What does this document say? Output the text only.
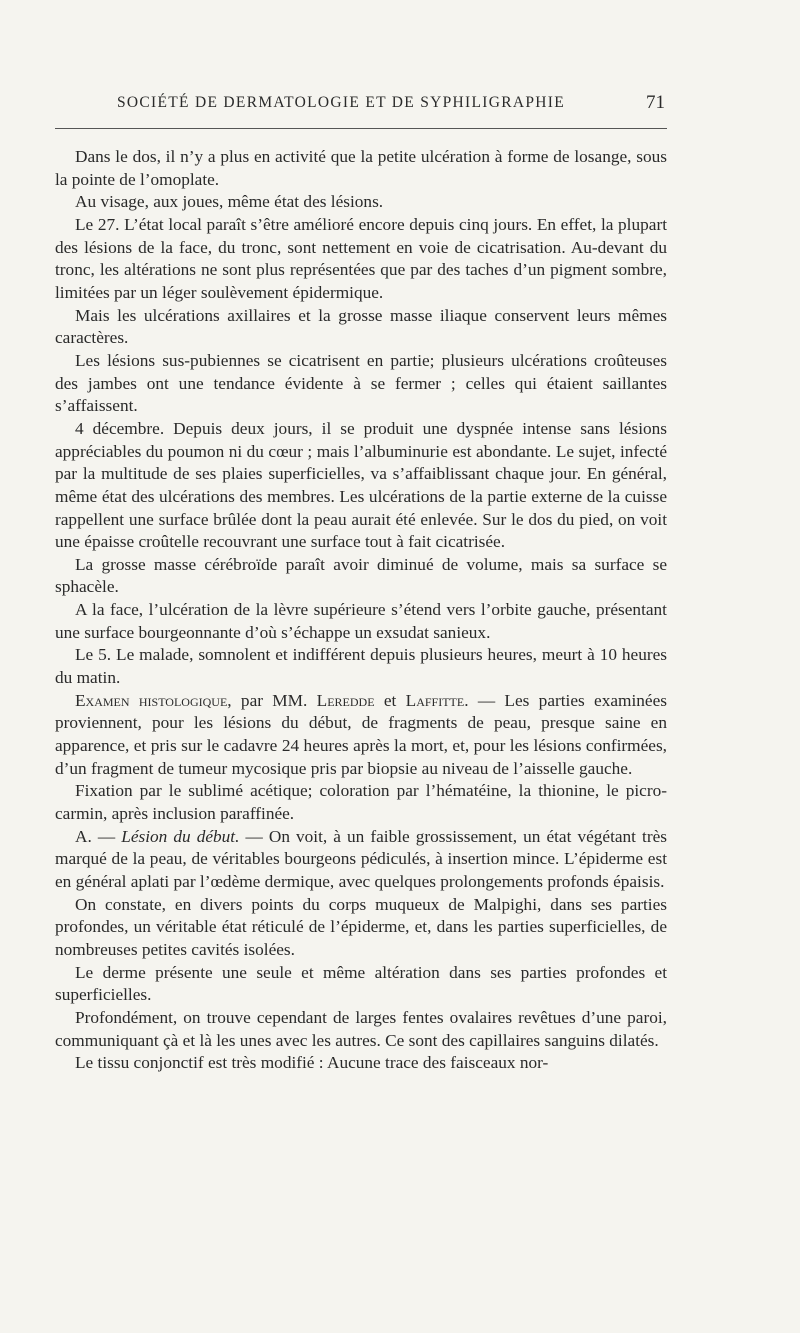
SOCIÉTÉ DE DERMATOLOGIE ET DE SYPHILIGRAPHIE	71

Dans le dos, il n’y a plus en activité que la petite ulcération à forme de losange, sous la pointe de l’omoplate.

Au visage, aux joues, même état des lésions.

Le 27. L’état local paraît s’être amélioré encore depuis cinq jours. En effet, la plupart des lésions de la face, du tronc, sont nettement en voie de cicatrisation. Au-devant du tronc, les altérations ne sont plus représentées que par des taches d’un pigment sombre, limitées par un léger soulèvement épidermique.

Mais les ulcérations axillaires et la grosse masse iliaque conservent leurs mêmes caractères.

Les lésions sus-pubiennes se cicatrisent en partie; plusieurs ulcérations croûteuses des jambes ont une tendance évidente à se fermer ; celles qui étaient saillantes s’affaissent.

4 décembre. Depuis deux jours, il se produit une dyspnée intense sans lésions appréciables du poumon ni du cœur ; mais l’albuminurie est abondante. Le sujet, infecté par la multitude de ses plaies superficielles, va s’affaiblissant chaque jour. En général, même état des ulcérations des membres. Les ulcérations de la partie externe de la cuisse rappellent une surface brûlée dont la peau aurait été enlevée. Sur le dos du pied, on voit une épaisse croûtelle recouvrant une surface tout à fait cicatrisée.

La grosse masse cérébroïde paraît avoir diminué de volume, mais sa surface se sphacèle.

A la face, l’ulcération de la lèvre supérieure s’étend vers l’orbite gauche, présentant une surface bourgeonnante d’où s’échappe un exsudat sanieux.

Le 5. Le malade, somnolent et indifférent depuis plusieurs heures, meurt à 10 heures du matin.

Examen histologique, par MM. Leredde et Laffitte. — Les parties examinées proviennent, pour les lésions du début, de fragments de peau, presque saine en apparence, et pris sur le cadavre 24 heures après la mort, et, pour les lésions confirmées, d’un fragment de tumeur mycosique pris par biopsie au niveau de l’aisselle gauche.

Fixation par le sublimé acétique; coloration par l’hématéine, la thionine, le picro-carmin, après inclusion paraffinée.

A. — Lésion du début. — On voit, à un faible grossissement, un état végétant très marqué de la peau, de véritables bourgeons pédiculés, à insertion mince. L’épiderme est en général aplati par l’œdème dermique, avec quelques prolongements profonds épaisis.

On constate, en divers points du corps muqueux de Malpighi, dans ses parties profondes, un véritable état réticulé de l’épiderme, et, dans les parties superficielles, de nombreuses petites cavités isolées.

Le derme présente une seule et même altération dans ses parties profondes et superficielles.

Profondément, on trouve cependant de larges fentes ovalaires revêtues d’une paroi, communiquant çà et là les unes avec les autres. Ce sont des capillaires sanguins dilatés.

Le tissu conjonctif est très modifié : Aucune trace des faisceaux nor-
